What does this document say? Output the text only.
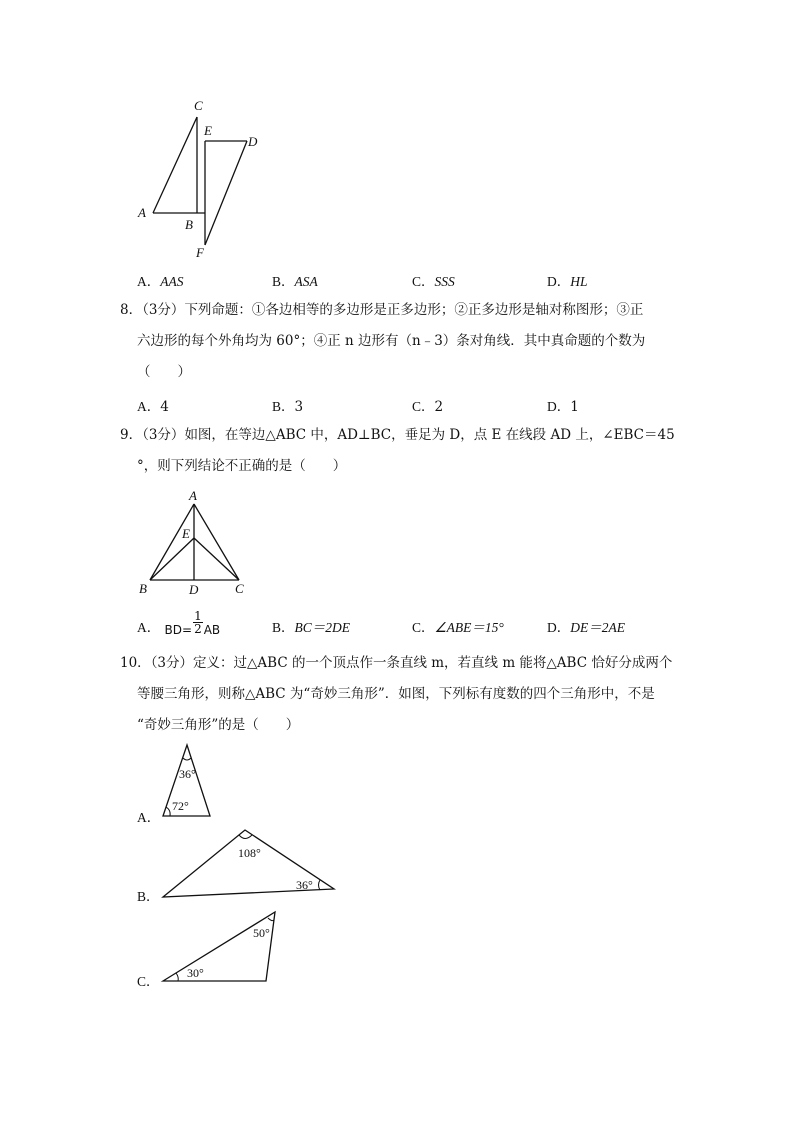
C
E
D
A
B
F
A．AAS	B．ASA	C．SSS	D．HL
8．（3分）下列命题：①各边相等的多边形是正多边形；②正多边形是轴对称图形；③正
六边形的每个外角均为 60°；④正 n 边形有（n﹣3）条对角线．其中真命题的个数为
（　　）
A．4	B．3	C．2	D．1
9．（3分）如图，在等边△ABC 中，AD⊥BC，垂足为 D，点 E 在线段 AD 上，∠EBC＝45
°，则下列结论不正确的是（　　）
A
E
B	D	C
A． $BD= \frac{1}{2}$ AB	B．BC＝2DE	C．∠ABE＝15°	D．DE＝2AE
10．（3分）定义：过△ABC 的一个顶点作一条直线 m，若直线 m 能将△ABC 恰好分成两个
等腰三角形，则称△ABC 为“奇妙三角形”．如图，下列标有度数的四个三角形中，不是
“奇妙三角形”的是（　　）
A．
36°
72°
B．
108°
36°
C．
50°
30°
